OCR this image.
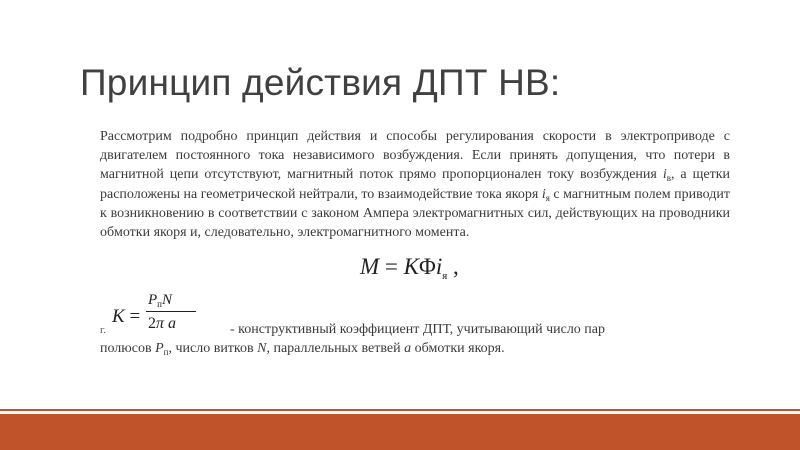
Принцип действия ДПТ НВ:

Рассмотрим подробно принцип действия и способы регулирования скорости в электроприводе с двигателем постоянного тока независимого возбуждения. Если принять допущения, что потери в магнитной цепи отсутствуют, магнитный поток прямо пропорционален току возбуждения $i_в$, а щетки расположены на геометрической нейтрали, то взаимодействие тока якоря $i_я$ с магнитным полем приводит к возникновению в соответствии с законом Ампера электромагнитных сил, действующих на проводники обмотки якоря и, следовательно, электромагнитного момента.

M = KΦi$_я$ ,
K =
$P_пN$
2π a
г.	- конструктивный коэффициент ДПТ, учитывающий число пар
полюсов $P_п$, число витков N, параллельных ветвей a обмотки якоря.
